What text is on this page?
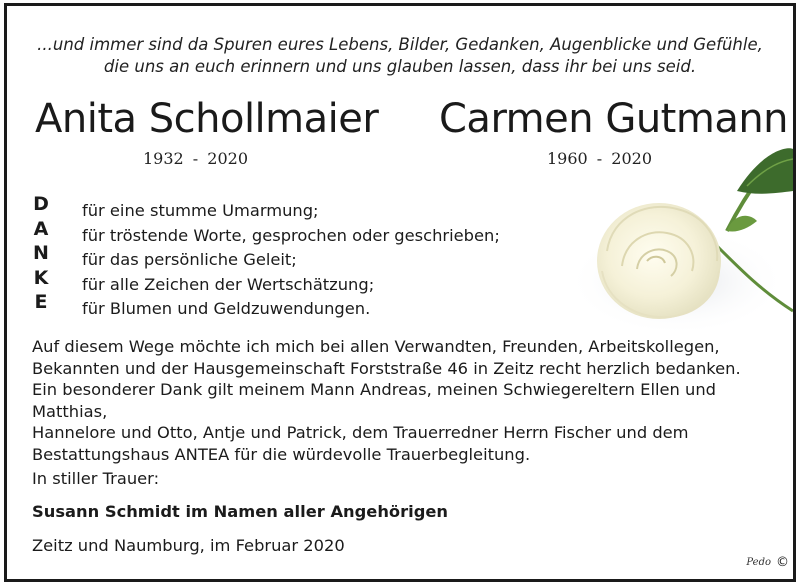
...und immer sind da Spuren eures Lebens, Bilder, Gedanken, Augenblicke und Gefühle,
die uns an euch erinnern und uns glauben lassen, dass ihr bei uns seid.
Anita Schollmaier Carmen Gutmann
1932 - 2020	1960 - 2020
D
A
N
K
E
für eine stumme Umarmung;
für tröstende Worte, gesprochen oder geschrieben;
für das persönliche Geleit;
für alle Zeichen der Wertschätzung;
für Blumen und Geldzuwendungen.
Auf diesem Wege möchte ich mich bei allen Verwandten, Freunden, Arbeitskollegen,
Bekannten und der Hausgemeinschaft Forststraße 46 in Zeitz recht herzlich bedanken.
Ein besonderer Dank gilt meinem Mann Andreas, meinen Schwiegereltern Ellen und Matthias,
Hannelore und Otto, Antje und Patrick, dem Trauerredner Herrn Fischer und dem
Bestattungshaus ANTEA für die würdevolle Trauerbegleitung.
In stiller Trauer:
Susann Schmidt im Namen aller Angehörigen
Zeitz und Naumburg, im Februar 2020
Pedo ©
